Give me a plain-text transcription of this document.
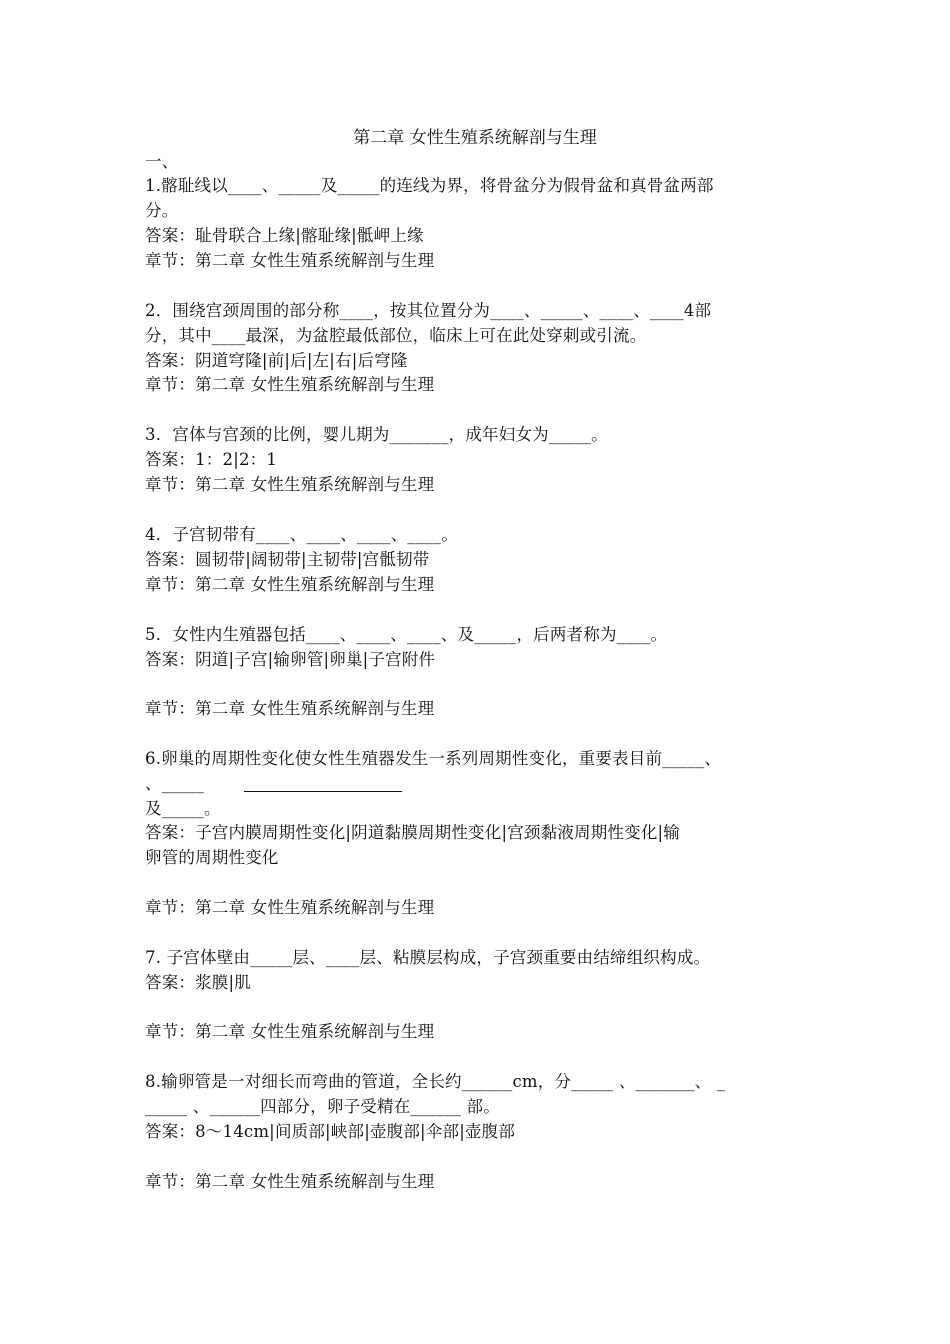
第二章 女性生殖系统解剖与生理
一、
1.髂耻线以____、_____及_____的连线为界，将骨盆分为假骨盆和真骨盆两部
分。
答案：耻骨联合上缘|髂耻缘|骶岬上缘
章节：第二章 女性生殖系统解剖与生理
2．围绕宫颈周围的部分称____，按其位置分为____、_____、____、____4部
分，其中____最深，为盆腔最低部位，临床上可在此处穿刺或引流。
答案：阴道穹隆|前|后|左|右|后穹隆
章节：第二章 女性生殖系统解剖与生理
3．宫体与宫颈的比例，婴儿期为_______，成年妇女为_____。
答案：1：2|2：1
章节：第二章 女性生殖系统解剖与生理
4．子宫韧带有____、____、____、____。
答案：圆韧带|阔韧带|主韧带|宫骶韧带
章节：第二章 女性生殖系统解剖与生理
5．女性内生殖器包括____、____、____、及_____，后两者称为____。
答案：阴道|子宫|输卵管|卵巢|子宫附件
章节：第二章 女性生殖系统解剖与生理
6.卵巢的周期性变化使女性生殖器发生一系列周期性变化，重要表目前_____、
、_____
及_____。
答案：子宫内膜周期性变化|阴道黏膜周期性变化|宫颈黏液周期性变化|输
卵管的周期性变化
章节：第二章 女性生殖系统解剖与生理
7. 子宫体壁由_____层、____层、粘膜层构成，子宫颈重要由结缔组织构成。
答案：浆膜|肌
章节：第二章 女性生殖系统解剖与生理
8.输卵管是一对细长而弯曲的管道，全长约______cm，分_____ 、_______、 _
_____ 、______四部分，卵子受精在______ 部。
答案：8～14cm|间质部|峡部|壶腹部|伞部|壶腹部
章节：第二章 女性生殖系统解剖与生理
